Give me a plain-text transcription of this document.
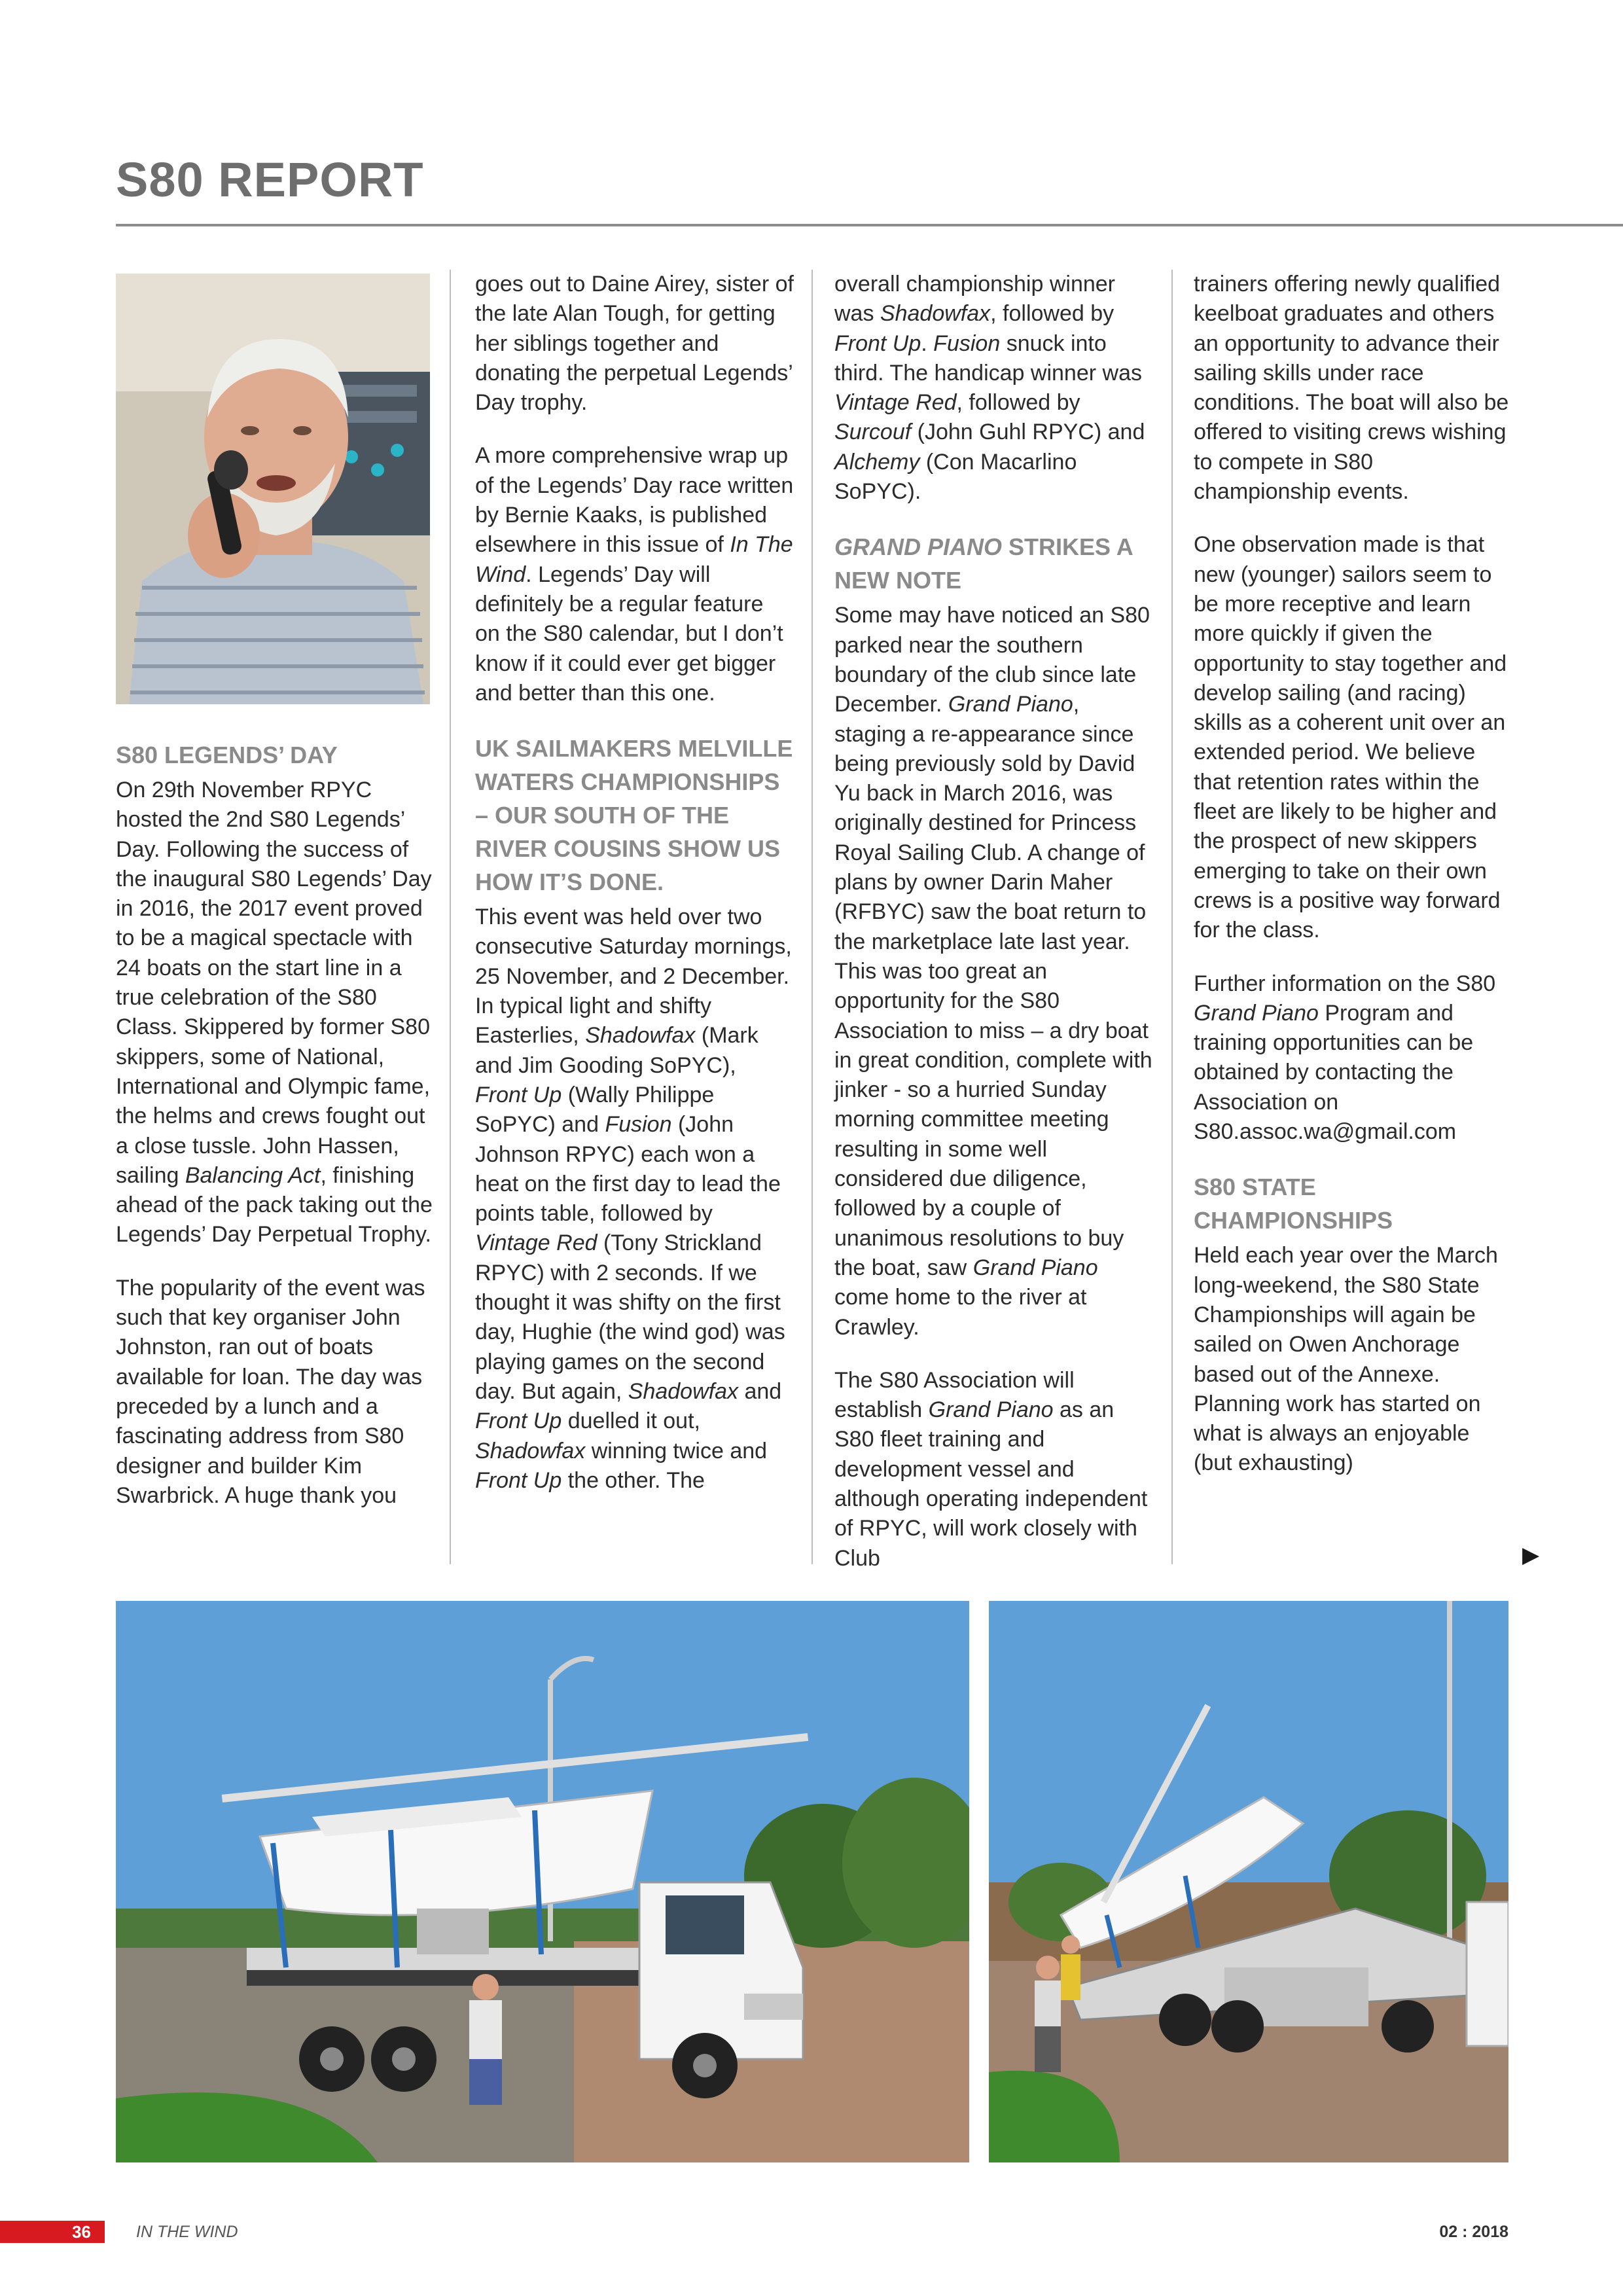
S80 REPORT
S80 LEGENDS’ DAY

On 29th November RPYC hosted the 2nd S80 Legends’ Day. Following the success of the inaugural S80 Legends’ Day in 2016, the 2017 event proved to be a magical spectacle with 24 boats on the start line in a true celebration of the S80 Class. Skippered by former S80 skippers, some of National, International and Olympic fame, the helms and crews fought out a close tussle. John Hassen, sailing Balancing Act, finishing ahead of the pack taking out the Legends’ Day Perpetual Trophy.

The popularity of the event was such that key organiser John Johnston, ran out of boats available for loan. The day was preceded by a lunch and a fascinating address from S80 designer and builder Kim Swarbrick. A huge thank you

goes out to Daine Airey, sister of the late Alan Tough, for getting her siblings together and donating the perpetual Legends’ Day trophy.

A more comprehensive wrap up of the Legends’ Day race written by Bernie Kaaks, is published elsewhere in this issue of In The Wind. Legends’ Day will definitely be a regular feature on the S80 calendar, but I don’t know if it could ever get bigger and better than this one.

UK SAILMAKERS MELVILLE WATERS CHAMPIONSHIPS – OUR SOUTH OF THE RIVER COUSINS SHOW US HOW IT’S DONE.

This event was held over two consecutive Saturday mornings, 25 November, and 2 December. In typical light and shifty Easterlies, Shadowfax (Mark and Jim Gooding SoPYC), Front Up (Wally Philippe SoPYC) and Fusion (John Johnson RPYC) each won a heat on the first day to lead the points table, followed by Vintage Red (Tony Strickland RPYC) with 2 seconds. If we thought it was shifty on the first day, Hughie (the wind god) was playing games on the second day. But again, Shadowfax and Front Up duelled it out, Shadowfax winning twice and Front Up the other. The

overall championship winner was Shadowfax, followed by Front Up. Fusion snuck into third. The handicap winner was Vintage Red, followed by Surcouf (John Guhl RPYC) and Alchemy (Con Macarlino SoPYC).

GRAND PIANO STRIKES A NEW NOTE

Some may have noticed an S80 parked near the southern boundary of the club since late December. Grand Piano, staging a re-appearance since being previously sold by David Yu back in March 2016, was originally destined for Princess Royal Sailing Club. A change of plans by owner Darin Maher (RFBYC) saw the boat return to the marketplace late last year. This was too great an opportunity for the S80 Association to miss – a dry boat in great condition, complete with jinker - so a hurried Sunday morning committee meeting resulting in some well considered due diligence, followed by a couple of unanimous resolutions to buy the boat, saw Grand Piano come home to the river at Crawley.

The S80 Association will establish Grand Piano as an S80 fleet training and development vessel and although operating independent of RPYC, will work closely with Club

trainers offering newly qualified keelboat graduates and others an opportunity to advance their sailing skills under race conditions. The boat will also be offered to visiting crews wishing to compete in S80 championship events.

One observation made is that new (younger) sailors seem to be more receptive and learn more quickly if given the opportunity to stay together and develop sailing (and racing) skills as a coherent unit over an extended period. We believe that retention rates within the fleet are likely to be higher and the prospect of new skippers emerging to take on their own crews is a positive way forward for the class.

Further information on the S80 Grand Piano Program and training opportunities can be obtained by contacting the Association on S80.assoc.wa@gmail.com

S80 STATE CHAMPIONSHIPS

Held each year over the March long-weekend, the S80 State Championships will again be sailed on Owen Anchorage based out of the Annexe. Planning work has started on what is always an enjoyable (but exhausting)

▶
36	IN THE WIND	02 : 2018
